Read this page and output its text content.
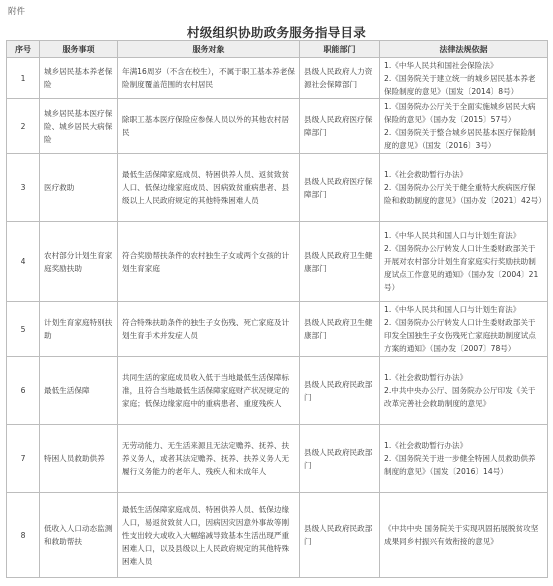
附件
村级组织协助政务服务指导目录
序号	服务事项	服务对象	职能部门	法律法规依据
1	城乡居民基本养老保险	年满16周岁（不含在校生），不属于职工基本养老保险制度覆盖范围的农村居民	县级人民政府人力资源社会保障部门	1.《中华人民共和国社会保险法》
2.《国务院关于建立统一的城乡居民基本养老保险制度的意见》（国发〔2014〕8号）

2	城乡居民基本医疗保险、城乡居民大病保险	除职工基本医疗保险应参保人员以外的其他农村居民	县级人民政府医疗保障部门	1.《国务院办公厅关于全面实施城乡居民大病保险的意见》（国办发〔2015〕57号）
2.《国务院关于整合城乡居民基本医疗保险制度的意见》（国发〔2016〕3号）

3	医疗救助	最低生活保障家庭成员、特困供养人员、返贫致贫人口、低保边缘家庭成员、因病致贫重病患者、县级以上人民政府规定的其他特殊困难人员	县级人民政府医疗保障部门	1.《社会救助暂行办法》
2.《国务院办公厅关于健全重特大疾病医疗保险和救助制度的意见》（国办发〔2021〕42号）

4	农村部分计划生育家庭奖励扶助	符合奖励帮扶条件的农村独生子女或两个女孩的计划生育家庭	县级人民政府卫生健康部门	1.《中华人民共和国人口与计划生育法》
2.《国务院办公厅转发人口计生委财政部关于开展对农村部分计划生育家庭实行奖励扶助制度试点工作意见的通知》（国办发〔2004〕21号）

5	计划生育家庭特别扶助	符合特殊扶助条件的独生子女伤残、死亡家庭及计划生育手术并发症人员	县级人民政府卫生健康部门	1.《中华人民共和国人口与计划生育法》
2.《国务院办公厅转发人口计生委财政部关于印发全国独生子女伤残死亡家庭扶助制度试点方案的通知》（国办发〔2007〕78号）

6	最低生活保障	共同生活的家庭成员收入低于当地最低生活保障标准，且符合当地最低生活保障家庭财产状况规定的家庭；低保边缘家庭中的重病患者、重度残疾人	县级人民政府民政部门	1.《社会救助暂行办法》
2.中共中央办公厅、国务院办公厅印发《关于改革完善社会救助制度的意见》

7	特困人员救助供养	无劳动能力、无生活来源且无法定赡养、抚养、扶养义务人，或者其法定赡养、抚养、扶养义务人无履行义务能力的老年人、残疾人和未成年人	县级人民政府民政部门	1.《社会救助暂行办法》
2.《国务院关于进一步健全特困人员救助供养制度的意见》（国发〔2016〕14号）

8	低收入人口动态监测和救助帮扶	最低生活保障家庭成员、特困供养人员、低保边缘人口，易返贫致贫人口，因病因灾因意外事故等刚性支出较大或收入大幅缩减导致基本生活出现严重困难人口，以及县级以上人民政府规定的其他特殊困难人员	县级人民政府民政部门	《中共中央 国务院关于实现巩固拓展脱贫攻坚成果同乡村振兴有效衔接的意见》
